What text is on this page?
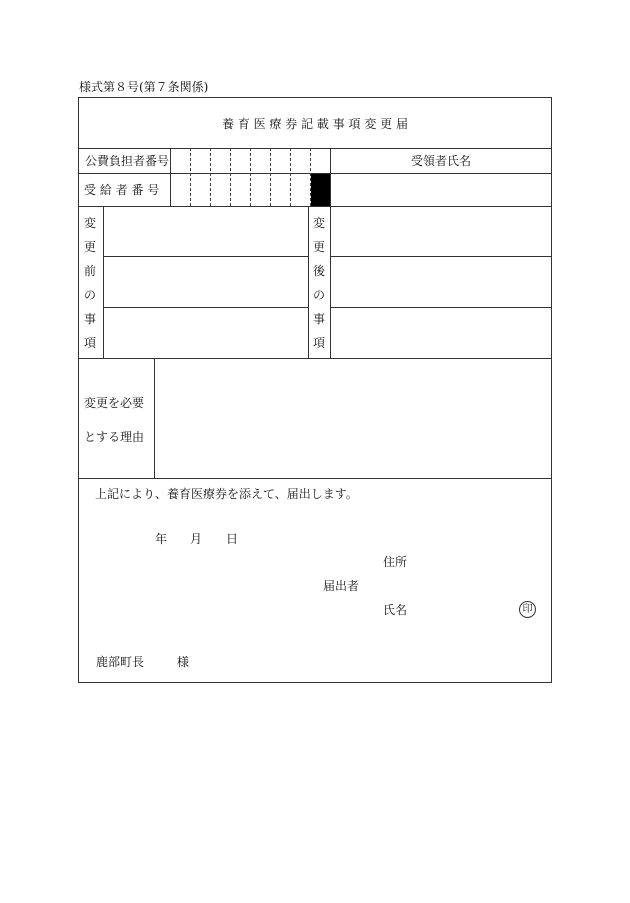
様式第８号(第７条関係)
養 育 医 療 券 記 載 事 項 変 更 届
公費負担者番号	受領者氏名
受 給 者 番 号
変更前の事項
変更後の事項
変更を必要
とする理由
上記により、養育医療券を添えて、届出します。
年 月 日
住所
届出者
氏名	印
鹿部町長	様
